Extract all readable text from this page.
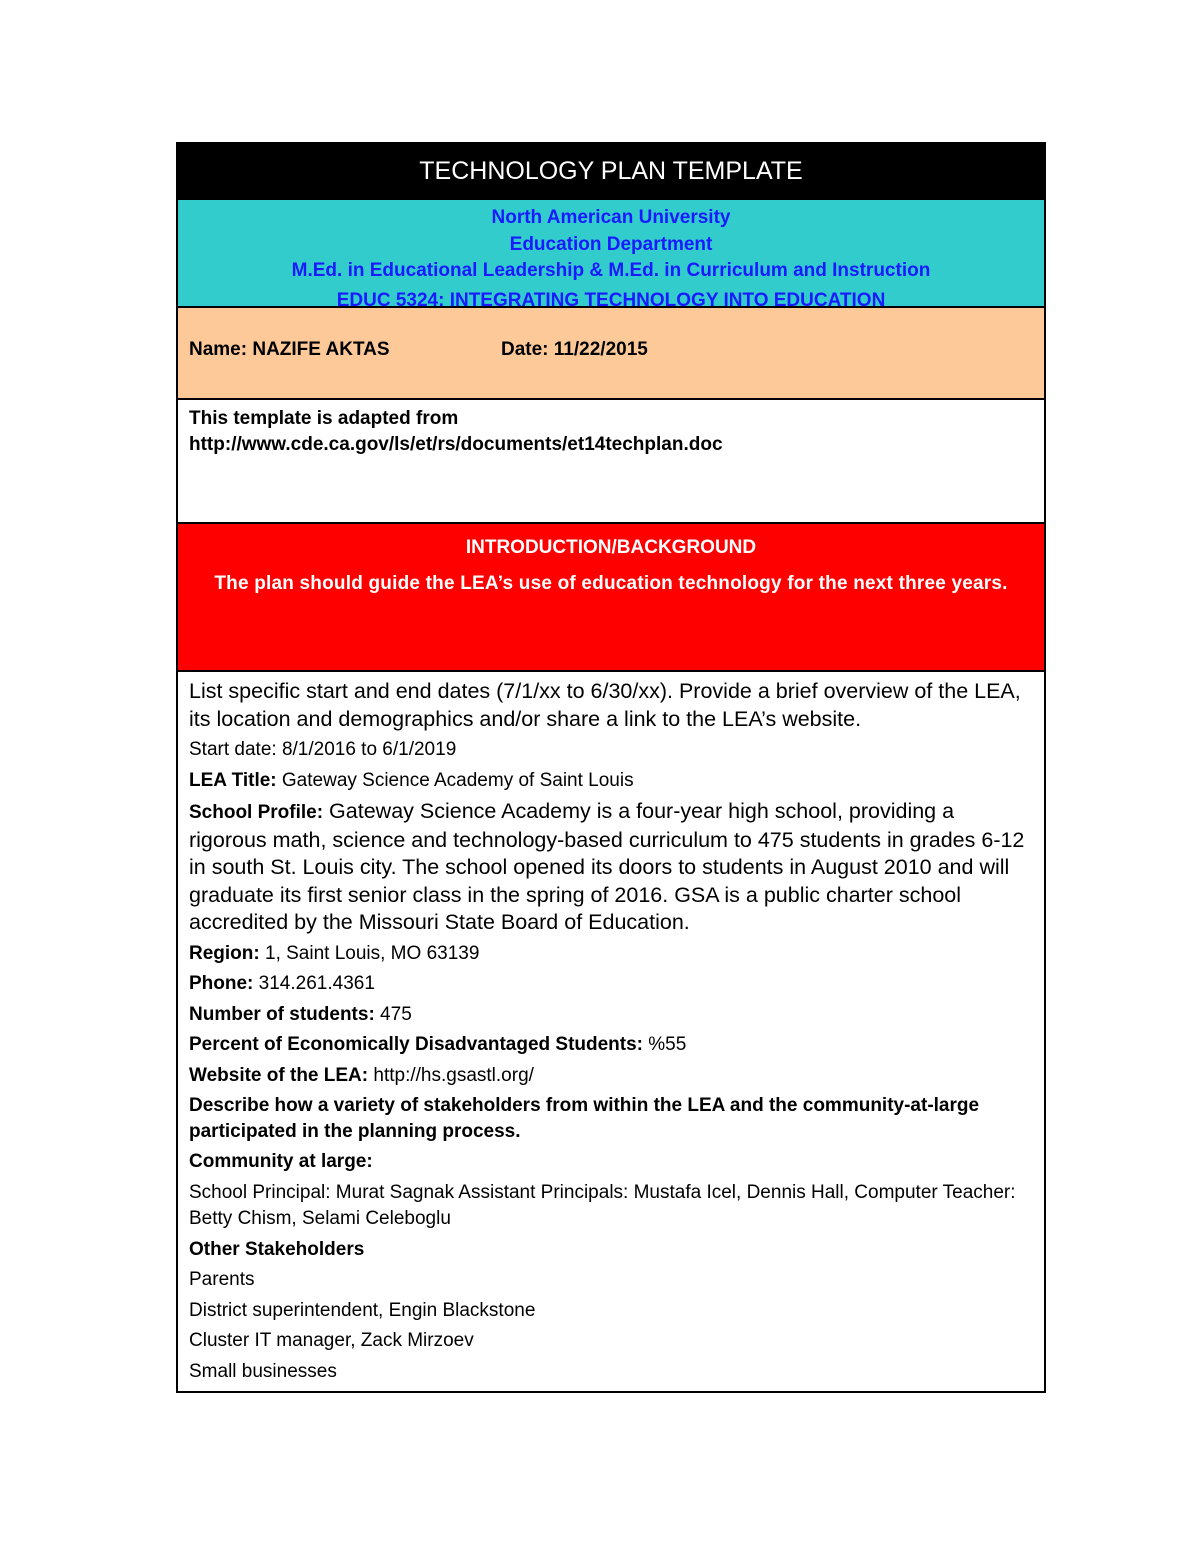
TECHNOLOGY PLAN TEMPLATE
North American University
Education Department
M.Ed. in Educational Leadership & M.Ed. in Curriculum and Instruction
EDUC 5324: INTEGRATING TECHNOLOGY INTO EDUCATION
Name: NAZIFE AKTAS	Date: 11/22/2015
This template is adapted from
http://www.cde.ca.gov/ls/et/rs/documents/et14techplan.doc
INTRODUCTION/BACKGROUND
The plan should guide the LEA’s use of education technology for the next three years.

List specific start and end dates (7/1/xx to 6/30/xx). Provide a brief overview of the LEA, its location and demographics and/or share a link to the LEA’s website.

Start date: 8/1/2016 to 6/1/2019

LEA Title: Gateway Science Academy of Saint Louis

School Profile: Gateway Science Academy is a four-year high school, providing a rigorous math, science and technology-based curriculum to 475 students in grades 6-12 in south St. Louis city. The school opened its doors to students in August 2010 and will graduate its first senior class in the spring of 2016. GSA is a public charter school accredited by the Missouri State Board of Education.

Region: 1, Saint Louis, MO 63139

Phone: 314.261.4361

Number of students: 475

Percent of Economically Disadvantaged Students: %55

Website of the LEA: http://hs.gsastl.org/

Describe how a variety of stakeholders from within the LEA and the community-at-large participated in the planning process.

Community at large:

School Principal: Murat Sagnak Assistant Principals: Mustafa Icel, Dennis Hall, Computer Teacher: Betty Chism, Selami Celeboglu

Other Stakeholders

Parents

District superintendent, Engin Blackstone

Cluster IT manager, Zack Mirzoev

Small businesses
